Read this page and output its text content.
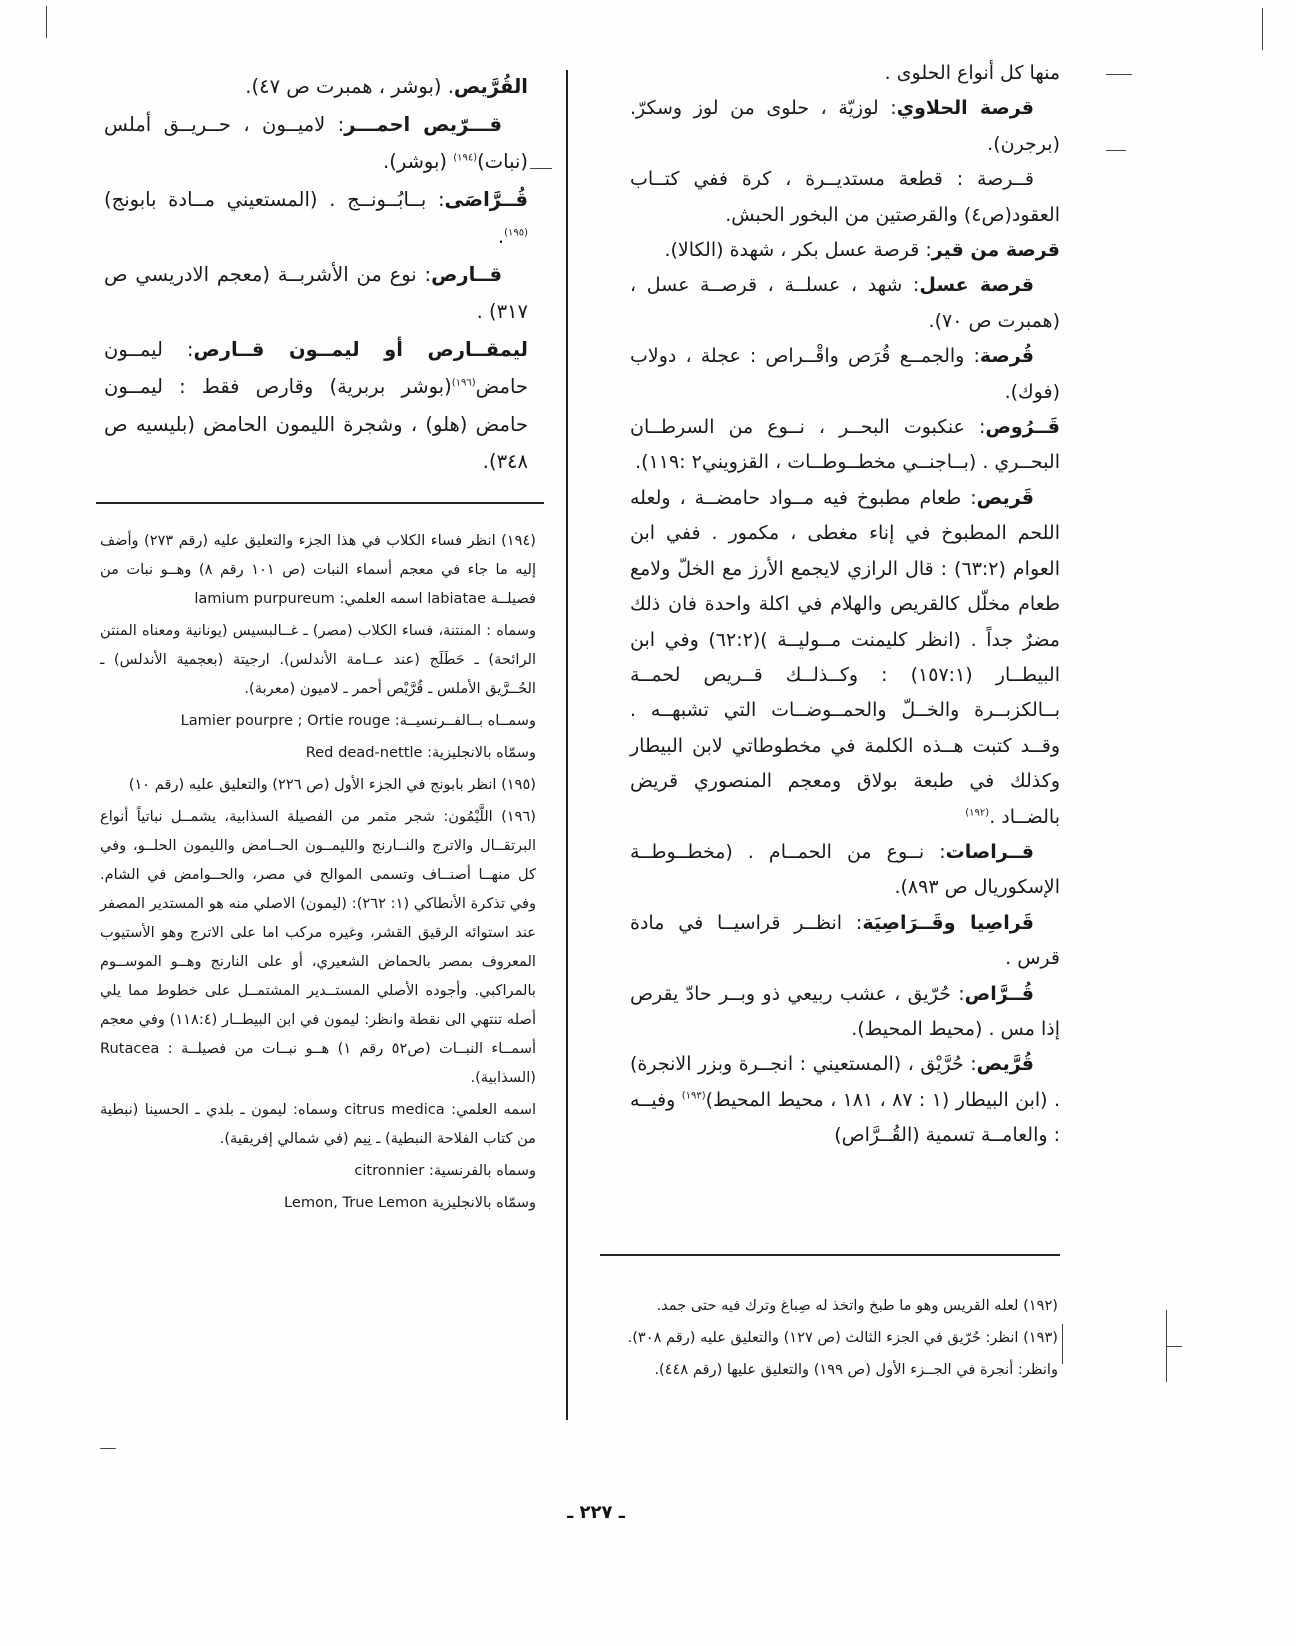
منها كل أنواع الحلوى .

قرصة الحلاوي: لوزيّة ، حلوى من لوز وسكرّ. (برجرن).

قــرصة : قطعة مستديــرة ، كرة ففي كتــاب العقود(ص٤) والقرصتين من البخور الحبش.

قرصة من قير: قرصة عسل بكر ، شهدة (الكالا).

قرصة عسل: شهد ، عسلــة ، قرصــة عسل ، (همبرت ص ٧٠).

قُرصة: والجمــع قُرَص واقْــراص : عجلة ، دولاب (فوك).

قَــرُوص: عنكبوت البحــر ، نــوع من السرطــان البحــري . (بــاجنــي مخطــوطــات ، القزويني٢ :١١٩).

قَريص: طعام مطبوخ فيه مــواد حامضــة ، ولعله اللحم المطبوخ في إناء مغطى ، مكمور . ففي ابن العوام (٦٣:٢) : قال الرازي لايجمع الأرز مع الخلّ ولامع طعام مخلّل كالقريص والهلام في اكلة واحدة فان ذلك مضرٌ جداً . (انظر كليمنت مــوليــة )(٦٢:٢) وفي ابن البيطــار (١٥٧:١) : وكــذلــك قــريص لحمــة بــالكزبــرة والخــلّ والحمــوضــات التي تشبهــه . وقــد كتبت هــذه الكلمة في مخطوطاتي لابن البيطار وكذلك في طبعة بولاق ومعجم المنصوري قريض بالضــاد .$^{(١٩٢)}$

قــراصات: نــوع من الحمــام . (مخطــوطــة الإسكوريال ص ٨٩٣).

قَراصِيا وقَــرَاصِيَة: انظــر قراسيــا في مادة قرس .

قُــرَّاص: حُرّيق ، عشب ربيعي ذو وبــر حادّ يقرص إذا مس . (محيط المحيط).

قُرَّيص: حُرَّيْق ، (المستعيني : انجــرة وبزر الانجرة) . (ابن البيطار (١ : ٨٧ ، ١٨١ ، محيط المحيط)$^{(١٩٣)}$ وفيــه : والعامــة تسمية (القُــرَّاص)

القُرَّيص. (بوشر ، همبرت ص ٤٧).

قـــرّيص احمـــر: لاميــون ، حــريــق أملس (نبات)$^{(١٩٤)}$ (بوشر).

قُــرَّاصَى: بــابُــونــج . (المستعيني مــادة بابونج)$^{(١٩٥)}$.

قــارص: نوع من الأشربــة (معجم الادريسي ص ٣١٧) .

ليمقــارص أو ليمــون قــارص: ليمــون حامض$^{(١٩٦)}$(بوشر بربرية) وقارص فقط : ليمــون حامض (هلو) ، وشجرة الليمون الحامض (بليسيه ص ٣٤٨).

(١٩٤) انظر فساء الكلاب في هذا الجزء والتعليق عليه (رقم ٢٧٣) وأضف إليه ما جاء في معجم أسماء النبات (ص ١٠١ رقم ٨) وهــو نبات من فصيلــة labiatae اسمه العلمي: lamium purpureum

وسماه : المنتنة، فساء الكلاب (مصر) ـ غــالبسيس (يونانية ومعناه المنتن الرائحة) ـ حَطَلَج (عند عــامة الأندلس). ارجيتة (بعجمية الأندلس) ـ الحُــرَّيق الأملس ـ قُرَّيْص أحمر ـ لاميون (معربة).

وسمــاه بــالفــرنسيــة: Lamier pourpre ; Ortie rouge

وسمّاه بالانجليزية: Red dead-nettle

(١٩٥) انظر بابونج في الجزء الأول (ص ٢٢٦) والتعليق عليه (رقم ١٠)

(١٩٦) اللَّيْمُون: شجر مثمر من الفصيلة السذابية، يشمــل نباتياً أنواع البرتقــال والاترج والنــارنج والليمــون الحــامض والليمون الحلــو، وفي كل منهــا أصنــاف وتسمى الموالح في مصر، والحــوامض في الشام. وفي تذكرة الأنطاكي (١: ٢٦٢): (ليمون) الاصلي منه هو المستدير المصفر عند استوائه الرقيق القشر، وغيره مركب اما على الاترج وهو الأستيوب المعروف بمصر بالحماض الشعيري، أو على النارنج وهــو الموســوم بالمراكبي. وأجوده الأصلي المستــدير المشتمــل على خطوط مما يلي أصله تنتهي الى نقطة وانظر: ليمون في ابن البيطــار (١١٨:٤) وفي معجم أسمــاء النبــات (ص٥٢ رقم ١) هــو نبــات من فصيلــة : Rutacea (السذابية).

اسمه العلمي: citrus medica وسماه: ليمون ـ بلدي ـ الحسينا (نبطية من كتاب الفلاحة النبطية) ـ نِيم (في شمالي إفريقية).

وسماه بالفرنسية: citronnier

وسمّاه بالانجليزية Lemon, True Lemon

(١٩٢) لعله القريس وهو ما طبخ واتخذ له صِباغ وترك فيه حتى جمد.

(١٩٣) انظر: حُرّيق في الجزء الثالث (ص ١٢٧) والتعليق عليه (رقم ٣٠٨).

وانظر: أنجرة في الجــزء الأول (ص ١٩٩) والتعليق عليها (رقم ٤٤٨).

ـ ٢٢٧ ـ
